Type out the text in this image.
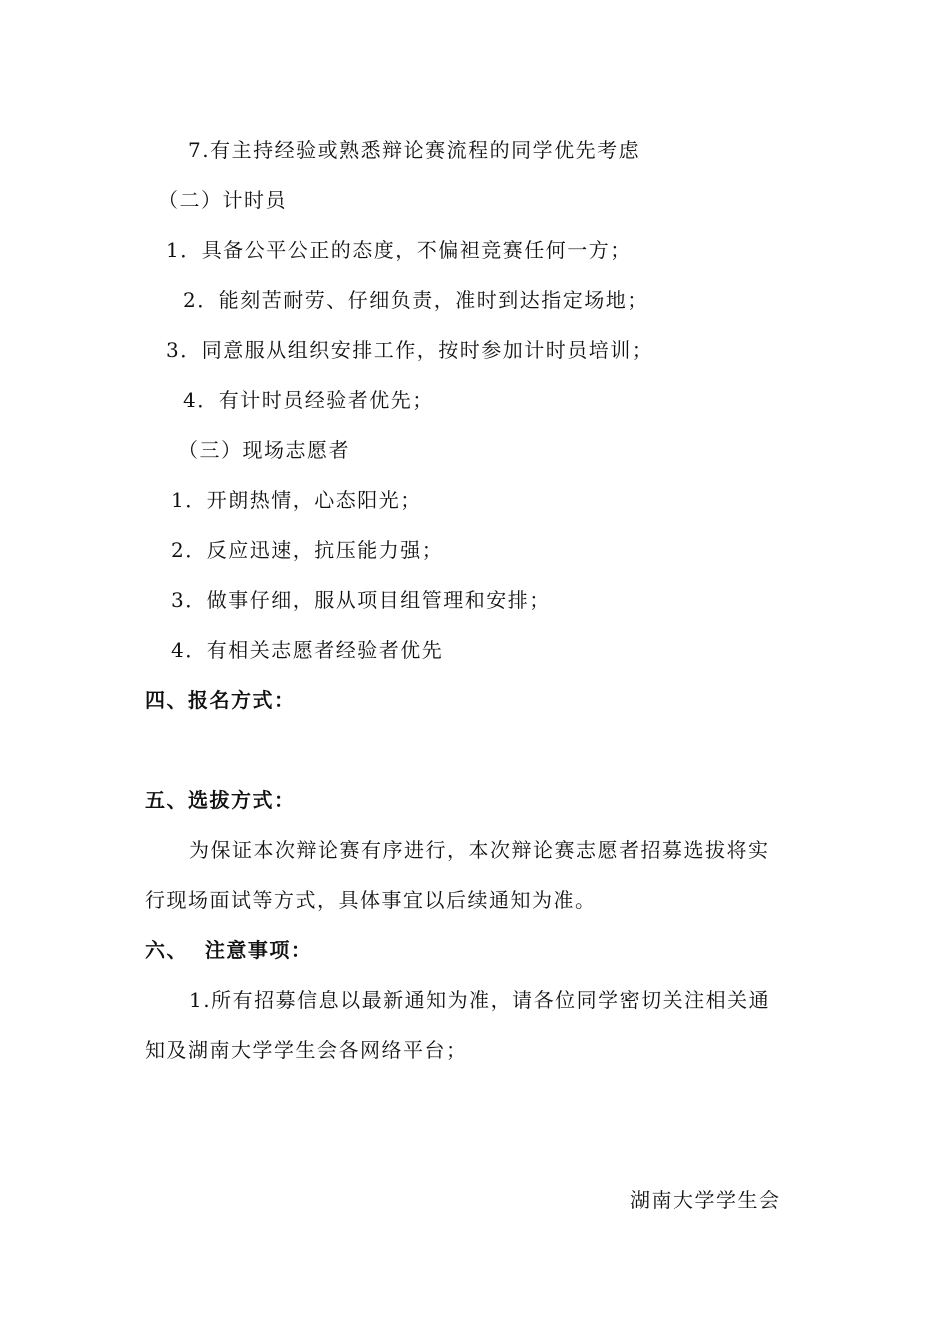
7.有主持经验或熟悉辩论赛流程的同学优先考虑
（二）计时员
1．具备公平公正的态度，不偏袒竞赛任何一方；
2．能刻苦耐劳、仔细负责，准时到达指定场地；
3．同意服从组织安排工作，按时参加计时员培训；
4．有计时员经验者优先；
（三）现场志愿者
1．开朗热情，心态阳光；
2．反应迅速，抗压能力强；
3．做事仔细，服从项目组管理和安排；
4．有相关志愿者经验者优先
四、报名方式：
五、选拔方式：
为保证本次辩论赛有序进行，本次辩论赛志愿者招募选拔将实
行现场面试等方式，具体事宜以后续通知为准。
六、  注意事项：
1.所有招募信息以最新通知为准，请各位同学密切关注相关通
知及湖南大学学生会各网络平台；
湖南大学学生会
